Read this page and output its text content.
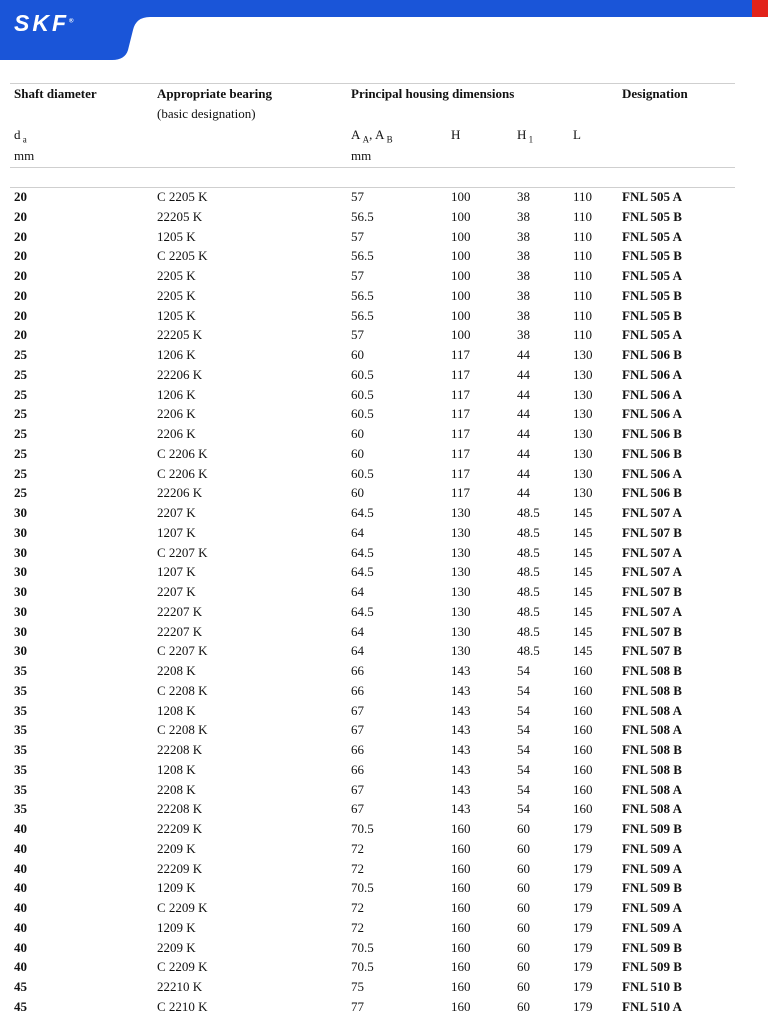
SKF®
Shaft diameter	Appropriate bearing
(basic designation)
Principal housing dimensions	Designation
d $_a$	A $_A$, A $_B$	H	H $_1$	L
mm	mm
20	C 2205 K	57	100	38	110 FNL 505 A
20	22205 K	56.5	100	38	110 FNL 505 B
20	1205 K	57	100	38	110 FNL 505 A
20	C 2205 K	56.5	100	38	110 FNL 505 B
20	2205 K	57	100	38	110 FNL 505 A
20	2205 K	56.5	100	38	110 FNL 505 B
20	1205 K	56.5	100	38	110 FNL 505 B
20	22205 K	57	100	38	110 FNL 505 A
25	1206 K	60	117	44	130 FNL 506 B
25	22206 K	60.5	117	44	130 FNL 506 A
25	1206 K	60.5	117	44	130 FNL 506 A
25	2206 K	60.5	117	44	130 FNL 506 A
25	2206 K	60	117	44	130 FNL 506 B
25	C 2206 K	60	117	44	130 FNL 506 B
25	C 2206 K	60.5	117	44	130 FNL 506 A
25	22206 K	60	117	44	130 FNL 506 B
30	2207 K	64.5	130	48.5	145 FNL 507 A
30	1207 K	64	130	48.5	145 FNL 507 B
30	C 2207 K	64.5	130	48.5	145 FNL 507 A
30	1207 K	64.5	130	48.5	145 FNL 507 A
30	2207 K	64	130	48.5	145 FNL 507 B
30	22207 K	64.5	130	48.5	145 FNL 507 A
30	22207 K	64	130	48.5	145 FNL 507 B
30	C 2207 K	64	130	48.5	145 FNL 507 B
35	2208 K	66	143	54	160 FNL 508 B
35	C 2208 K	66	143	54	160 FNL 508 B
35	1208 K	67	143	54	160 FNL 508 A
35	C 2208 K	67	143	54	160 FNL 508 A
35	22208 K	66	143	54	160 FNL 508 B
35	1208 K	66	143	54	160 FNL 508 B
35	2208 K	67	143	54	160 FNL 508 A
35	22208 K	67	143	54	160 FNL 508 A
40	22209 K	70.5	160	60	179 FNL 509 B
40	2209 K	72	160	60	179 FNL 509 A
40	22209 K	72	160	60	179 FNL 509 A
40	1209 K	70.5	160	60	179 FNL 509 B
40	C 2209 K	72	160	60	179 FNL 509 A
40	1209 K	72	160	60	179 FNL 509 A
40	2209 K	70.5	160	60	179 FNL 509 B
40	C 2209 K	70.5	160	60	179 FNL 509 B
45	22210 K	75	160	60	179 FNL 510 B
45	C 2210 K	77	160	60	179 FNL 510 A
